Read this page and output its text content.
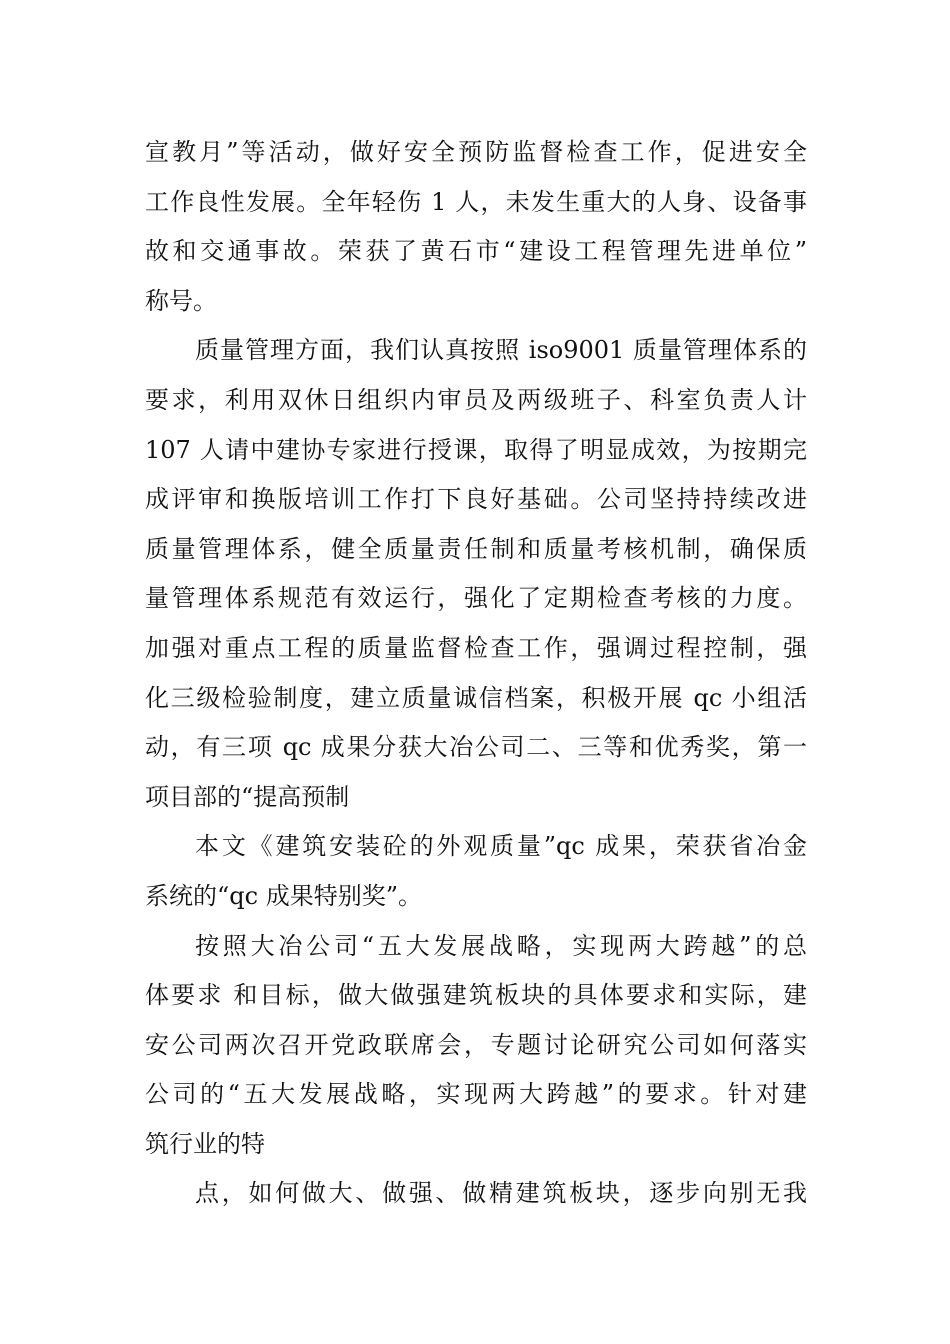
宣教月”等活动，做好安全预防监督检查工作，促进安全
工作良性发展。全年轻伤 1 人，未发生重大的人身、设备事
故和交通事故。荣获了黄石市“建设工程管理先进单位”
称号。
质量管理方面，我们认真按照 iso9001 质量管理体系的
要求，利用双休日组织内审员及两级班子、科室负责人计
107 人请中建协专家进行授课，取得了明显成效，为按期完
成评审和换版培训工作打下良好基础。公司坚持持续改进
质量管理体系，健全质量责任制和质量考核机制，确保质
量管理体系规范有效运行，强化了定期检查考核的力度。
加强对重点工程的质量监督检查工作，强调过程控制，强
化三级检验制度，建立质量诚信档案，积极开展 qc 小组活
动，有三项 qc 成果分获大冶公司二、三等和优秀奖，第一
项目部的“提高预制
本文《建筑安装砼的外观质量”qc 成果，荣获省冶金
系统的“qc 成果特别奖”。
按照大冶公司“五大发展战略，实现两大跨越”的总
体要求 和目标，做大做强建筑板块的具体要求和实际，建
安公司两次召开党政联席会，专题讨论研究公司如何落实
公司的“五大发展战略，实现两大跨越”的要求。针对建
筑行业的特
点，如何做大、做强、做精建筑板块，逐步向别无我
